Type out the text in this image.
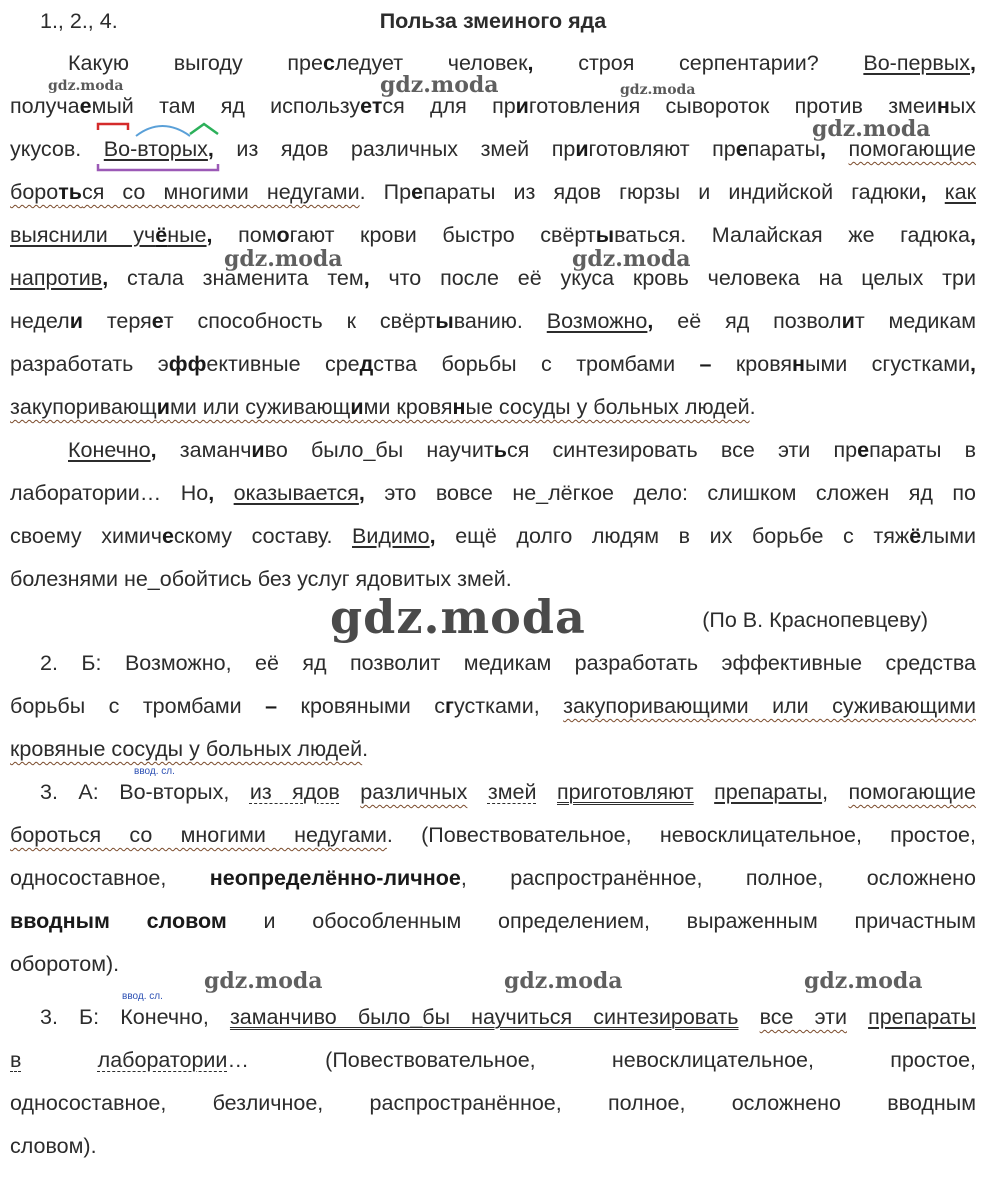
1., 2., 4.	Польза змеиного яда
Какую выгоду преследует человек, строя серпентарии? Во-первых,
получаемый там яд используется для приготовления сывороток против змеиных
укусов. Во-вторых, из ядов различных змей приготовляют препараты, помогающие
бороться со многими недугами. Препараты из ядов гюрзы и индийской гадюки, как
выяснили учёные, помогают крови быстро свёртываться. Малайская же гадюка,
напротив, стала знаменита тем, что после её укуса кровь человека на целых три
недели теряет способность к свёртыванию. Возможно, её яд позволит медикам
разработать эффективные средства борьбы с тромбами – кровяными сгустками,
закупоривающими или суживающими кровяные сосуды у больных людей.
Конечно, заманчиво было_бы научиться синтезировать все эти препараты в
лаборатории… Но, оказывается, это вовсе не_лёгкое дело: слишком сложен яд по
своему химическому составу. Видимо, ещё долго людям в их борьбе с тяжёлыми
болезнями не_обойтись без услуг ядовитых змей.
2. Б: Возможно, её яд позволит медикам разработать эффективные средства
борьбы с тромбами – кровяными сгустками, закупоривающими или суживающими
кровяные сосуды у больных людей.
3. А: Во-вторых, из ядов различных змей приготовляют препараты, помогающие
бороться со многими недугами. (Повествовательное, невосклицательное, простое,
односоставное, неопределённо-личное, распространённое, полное, осложнено
вводным словом и обособленным определением, выраженным причастным
оборотом).
3. Б: Конечно, заманчиво было_бы научиться синтезировать все эти препараты
в	лаборатории… (Повествовательное, невосклицательное, простое,
односоставное, безличное, распространённое, полное, осложнено вводным
словом).
(По В. Краснопевцеву)
ввод. сл.
ввод. сл.
gdz.moda	gdz.moda	gdz.moda
gdz.moda
gdz.moda	gdz.moda
gdz.moda
gdz.moda	gdz.moda	gdz.moda
